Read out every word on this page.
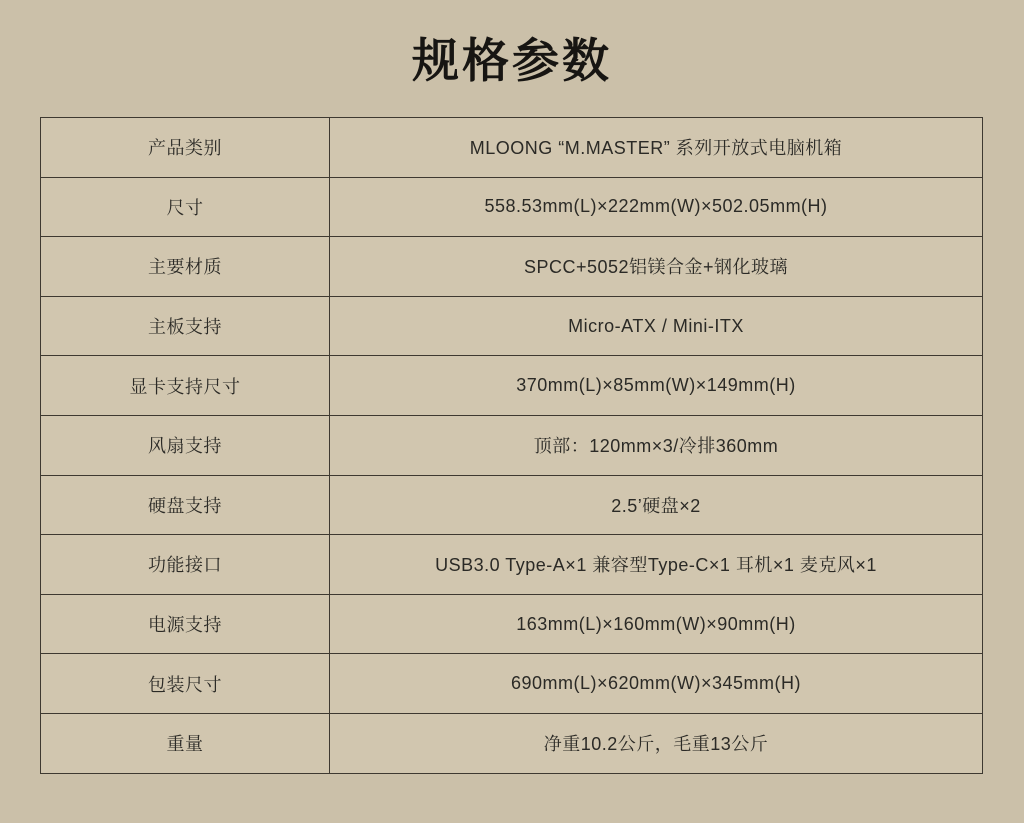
规格参数
产品类别	MLOONG “M.MASTER” 系列开放式电脑机箱
尺寸	558.53mm(L)×222mm(W)×502.05mm(H)
主要材质	SPCC+5052铝镁合金+钢化玻璃
主板支持	Micro-ATX / Mini-ITX
显卡支持尺寸	370mm(L)×85mm(W)×149mm(H)
风扇支持	顶部：120mm×3/冷排360mm
硬盘支持	2.5’硬盘×2
功能接口	USB3.0 Type-A×1 兼容型Type-C×1 耳机×1 麦克风×1
电源支持	163mm(L)×160mm(W)×90mm(H)
包装尺寸	690mm(L)×620mm(W)×345mm(H)
重量	净重10.2公斤，毛重13公斤
